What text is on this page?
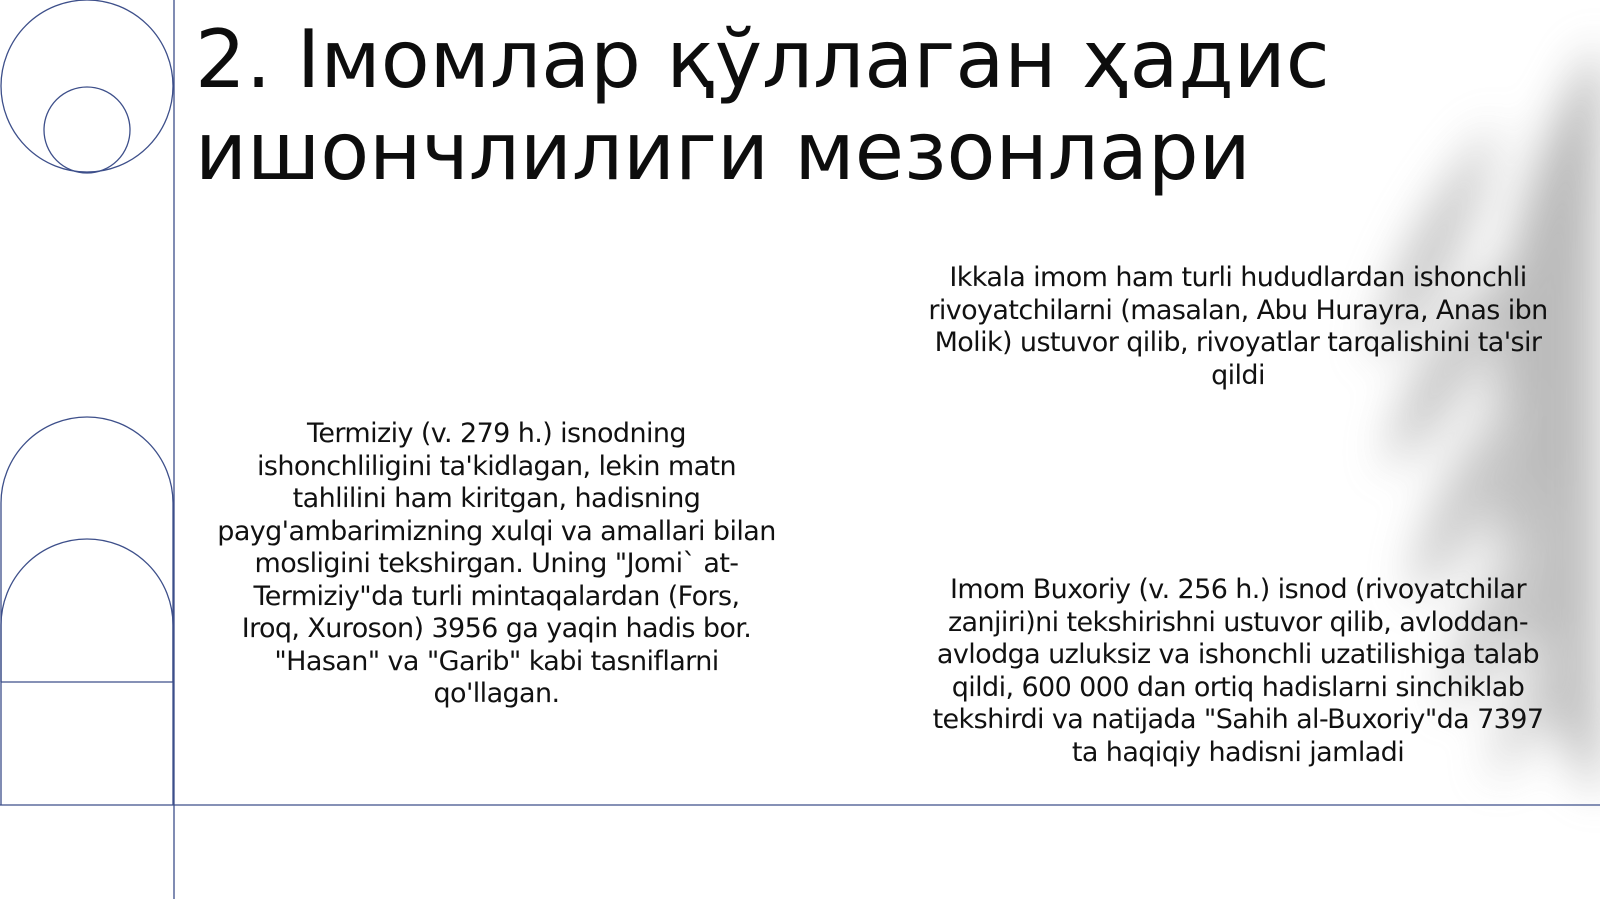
2. Імомлар қўллаган ҳадис
ишончлилиги мезонлари
Ikkala imom ham turli hududlardan ishonchli
rivoyatchilarni (masalan, Abu Hurayra, Anas ibn
Molik) ustuvor qilib, rivoyatlar tarqalishini ta'sir
qildi
Termiziy (v. 279 h.) isnodning
ishonchliligini ta'kidlagan, lekin matn
tahlilini ham kiritgan, hadisning
payg'ambarimizning xulqi va amallari bilan
mosligini tekshirgan. Uning "Jomi` at-
Termiziy"da turli mintaqalardan (Fors,
Iroq, Xuroson) 3956 ga yaqin hadis bor.
"Hasan" va "Garib" kabi tasniflarni
qo'llagan.
Imom Buxoriy (v. 256 h.) isnod (rivoyatchilar
zanjiri)ni tekshirishni ustuvor qilib, avloddan-
avlodga uzluksiz va ishonchli uzatilishiga talab
qildi, 600 000 dan ortiq hadislarni sinchiklab
tekshirdi va natijada "Sahih al-Buxoriy"da 7397
ta haqiqiy hadisni jamladi
